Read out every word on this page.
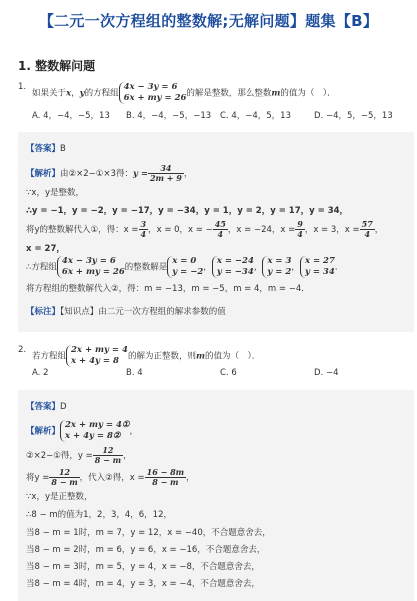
【二元一次方程组的整数解;无解问题】题集【B】
1. 整数解问题
1.
如果关于x，y的方程组
4x − 3y = 6
6x + my = 26 的解是整数，那么整数m的值为（　）．
A. 4，−4，−5，13	B. 4，−4，−5，−13	C. 4，−4，5，13	D. −4，5，−5，13
【答案】B
【解析】由②×2−①×3得：$y = \frac{34}{2m + 9}$ ，
∵x，y是整数，
∴y = −1，y = −2，y = −17，y = −34，y = 1，y = 2，y = 17，y = 34，
将y的整数解代入①，得：$x = \frac{3}{4}$ ，x = 0，x = − $\frac{45}{4}$ ，x = −24，$x = \frac{9}{4}$ ，x = 3，$x = \frac{57}{4}$ ，
x = 27，
∴方程组
4x − 3y = 6
6x + my = 26 的整数解是
x = 0
y = −2 ，
x = −24
y = −34 ，
x = 3
y = 2 ，
x = 27
y = 34 ．
将方程组的整数解代入②，得：m = −13，m = −5，m = 4，m = −4．
【标注】【知识点】由二元一次方程组的解求参数的值
2.
若方程组
2x + my = 4
x + 4y = 8	的解为正整数，则m的值为（　）．
A. 2	B. 4	C. 6	D. −4
【答案】D
【解析】
2x + my = 4①
x + 4y = 8②	，
②×2−①得，$y = \frac{12}{8 - m}$ ，
将$y = \frac{12}{8 - m}$ ，代入②得，$x = \frac{16 - 8m}{8 - m}$ ，
∵x，y是正整数，
∴8 − m的值为1，2，3，4，6，12，
当8 − m = 1时，m = 7，y = 12，x = −40，不合题意舍去，
当8 − m = 2时，m = 6，y = 6，x = −16，不合题意舍去，
当8 − m = 3时，m = 5，y = 4，x = −8，不合题意舍去，
当8 − m = 4时，m = 4，y = 3，x = −4，不合题意舍去，
